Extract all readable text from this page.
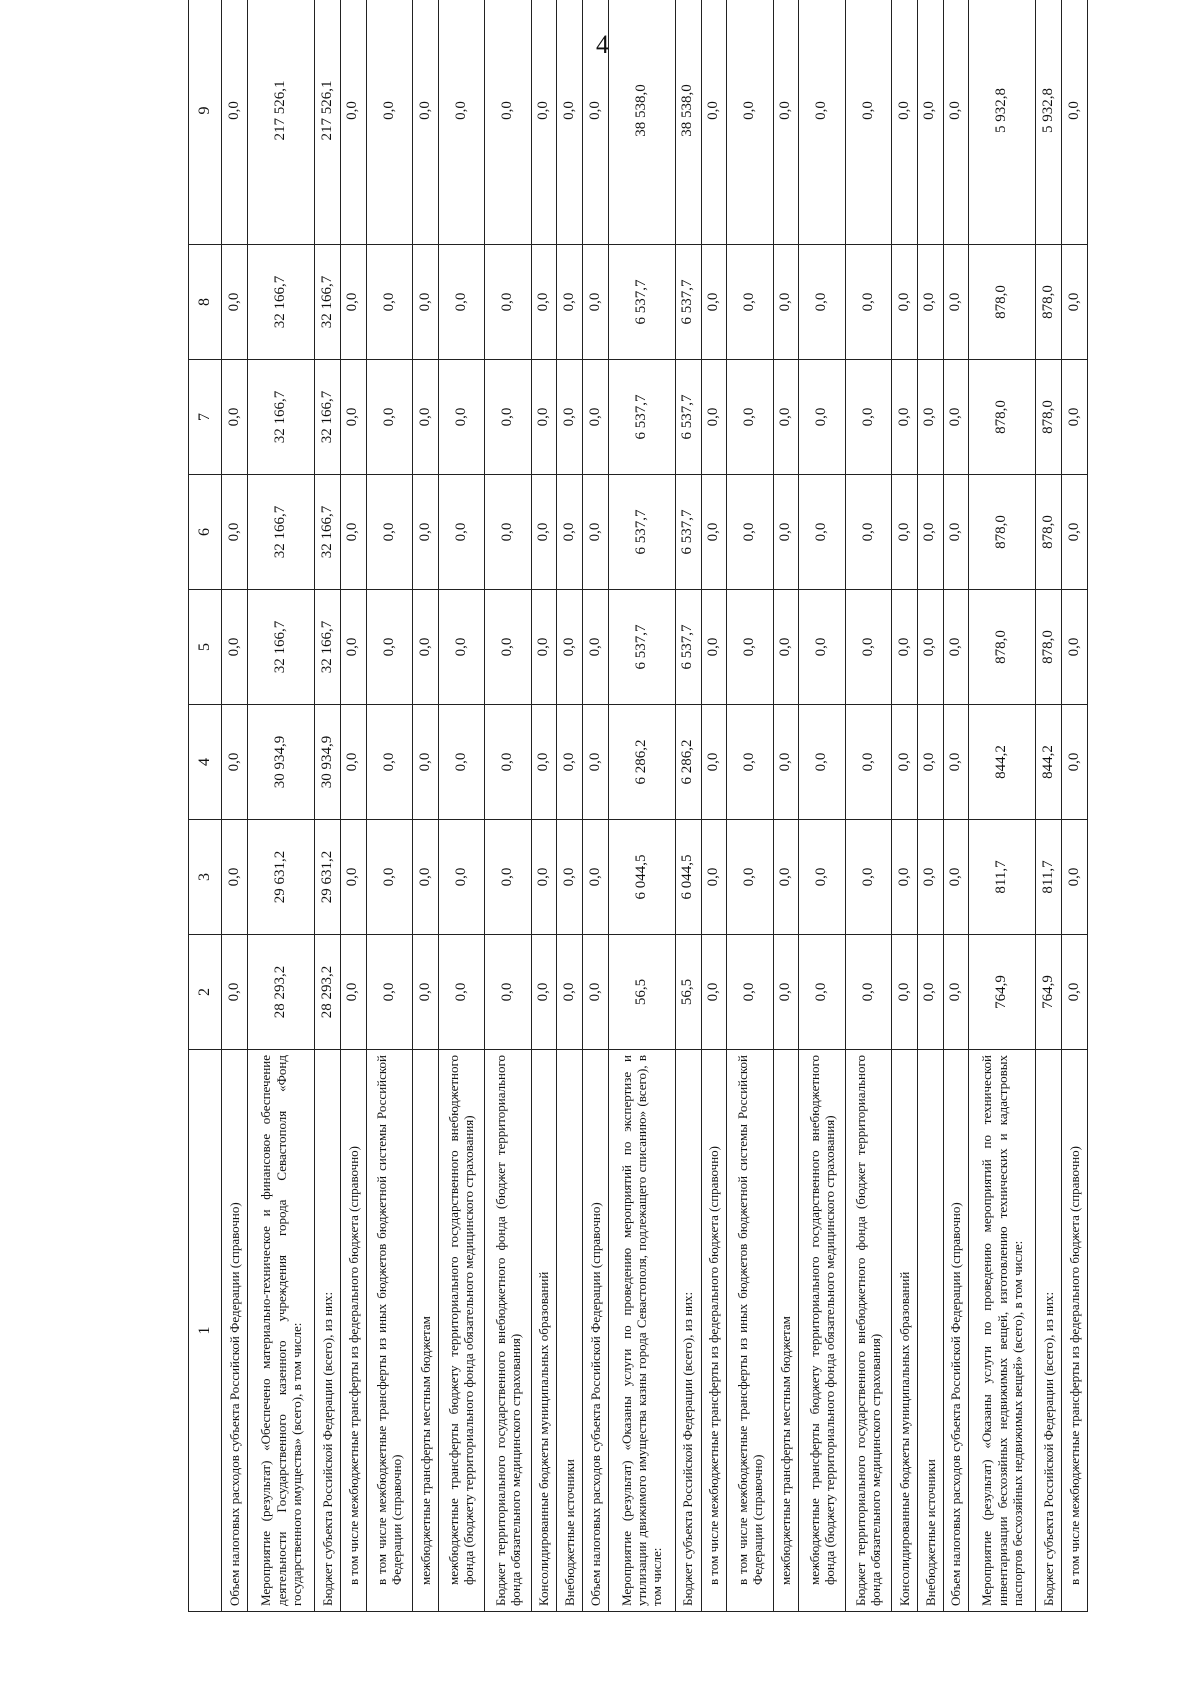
4
1	2	3	4	5	6	7	8	9
Объем налоговых расходов субъекта Российской Федерации (справочно)	0,0	0,0	0,0	0,0	0,0	0,0	0,0	0,0
Мероприятие (результат) «Обеспечено материально-техническое и финансовое обеспечение деятельности Государственного казенного учреждения города Севастополя «Фонд государственного имущества» (всего), в том числе:	28 293,2	29 631,2	30 934,9	32 166,7	32 166,7	32 166,7	32 166,7	217 526,1
Бюджет субъекта Российской Федерации (всего), из них:	28 293,2	29 631,2	30 934,9	32 166,7	32 166,7	32 166,7	32 166,7	217 526,1
в том числе межбюджетные трансферты из федерального бюджета (справочно)	0,0	0,0	0,0	0,0	0,0	0,0	0,0	0,0
в том числе межбюджетные трансферты из иных бюджетов бюджетной системы Российской Федерации (справочно)	0,0	0,0	0,0	0,0	0,0	0,0	0,0	0,0
межбюджетные трансферты местным бюджетам	0,0	0,0	0,0	0,0	0,0	0,0	0,0	0,0
межбюджетные трансферты бюджету территориального государственного внебюджетного фонда (бюджету территориального фонда обязательного медицинского страхования)	0,0	0,0	0,0	0,0	0,0	0,0	0,0	0,0
Бюджет территориального государственного внебюджетного фонда (бюджет территориального фонда обязательного медицинского страхования)	0,0	0,0	0,0	0,0	0,0	0,0	0,0	0,0
Консолидированные бюджеты муниципальных образований	0,0	0,0	0,0	0,0	0,0	0,0	0,0	0,0
Внебюджетные источники	0,0	0,0	0,0	0,0	0,0	0,0	0,0	0,0
Объем налоговых расходов субъекта Российской Федерации (справочно)	0,0	0,0	0,0	0,0	0,0	0,0	0,0	0,0
Мероприятие (результат) «Оказаны услуги по проведению мероприятий по экспертизе и утилизации движимого имущества казны города Севастополя, подлежащего списанию» (всего), в том числе:	56,5	6 044,5	6 286,2	6 537,7	6 537,7	6 537,7	6 537,7	38 538,0
Бюджет субъекта Российской Федерации (всего), из них:	56,5	6 044,5	6 286,2	6 537,7	6 537,7	6 537,7	6 537,7	38 538,0
в том числе межбюджетные трансферты из федерального бюджета (справочно)	0,0	0,0	0,0	0,0	0,0	0,0	0,0	0,0
в том числе межбюджетные трансферты из иных бюджетов бюджетной системы Российской Федерации (справочно)	0,0	0,0	0,0	0,0	0,0	0,0	0,0	0,0
межбюджетные трансферты местным бюджетам	0,0	0,0	0,0	0,0	0,0	0,0	0,0	0,0
межбюджетные трансферты бюджету территориального государственного внебюджетного фонда (бюджету территориального фонда обязательного медицинского страхования)	0,0	0,0	0,0	0,0	0,0	0,0	0,0	0,0
Бюджет территориального государственного внебюджетного фонда (бюджет территориального фонда обязательного медицинского страхования)	0,0	0,0	0,0	0,0	0,0	0,0	0,0	0,0
Консолидированные бюджеты муниципальных образований	0,0	0,0	0,0	0,0	0,0	0,0	0,0	0,0
Внебюджетные источники	0,0	0,0	0,0	0,0	0,0	0,0	0,0	0,0
Объем налоговых расходов субъекта Российской Федерации (справочно)	0,0	0,0	0,0	0,0	0,0	0,0	0,0	0,0
Мероприятие (результат) «Оказаны услуги по проведению мероприятий по технической инвентаризации бесхозяйных недвижимых вещей, изготовлению технических и кадастровых паспортов бесхозяйных недвижимых вещей» (всего), в том числе:	764,9	811,7	844,2	878,0	878,0	878,0	878,0	5 932,8
Бюджет субъекта Российской Федерации (всего), из них:	764,9	811,7	844,2	878,0	878,0	878,0	878,0	5 932,8
в том числе межбюджетные трансферты из федерального бюджета (справочно)	0,0	0,0	0,0	0,0	0,0	0,0	0,0	0,0
